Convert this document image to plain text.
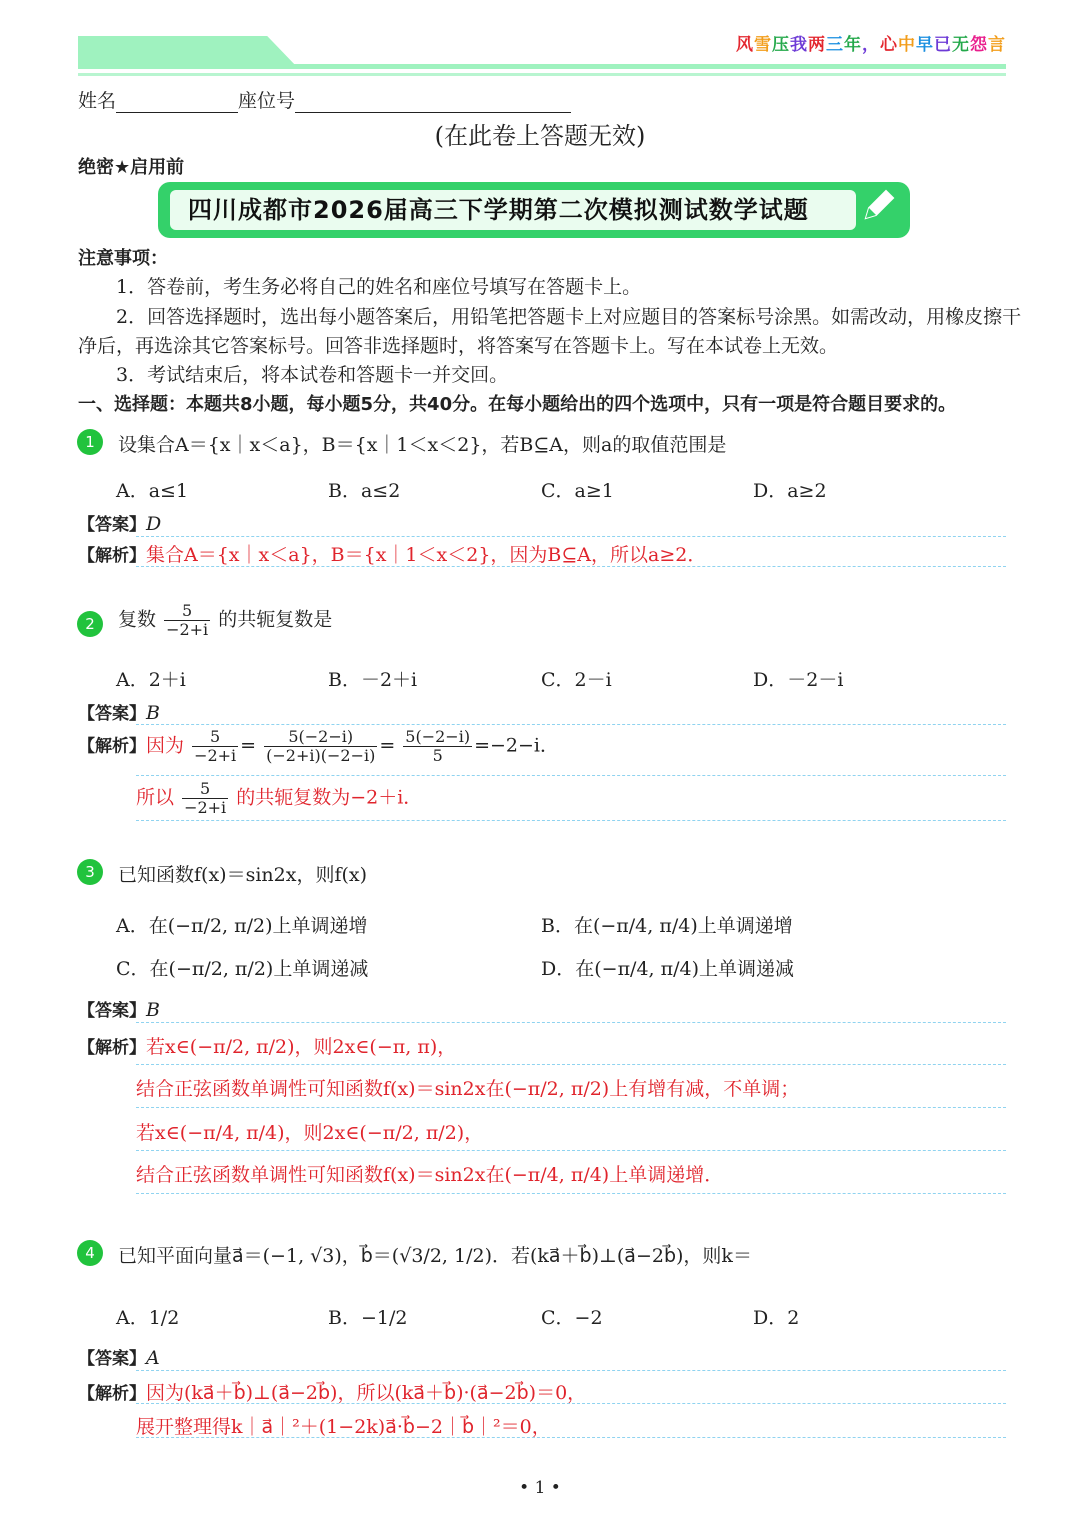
风雪压我两三年，心中早已无怨言
姓名	座位号
(在此卷上答题无效)
绝密★启用前
四川成都市2026届高三下学期第二次模拟测试数学试题
注意事项：
1．答卷前，考生务必将自己的姓名和座位号填写在答题卡上。
2．回答选择题时，选出每小题答案后，用铅笔把答题卡上对应题目的答案标号涂黑。如需改动，用橡皮擦干
净后，再选涂其它答案标号。回答非选择题时，将答案写在答题卡上。写在本试卷上无效。
3．考试结束后，将本试卷和答题卡一并交回。
一、选择题：本题共8小题，每小题5分，共40分。在每小题给出的四个选项中，只有一项是符合题目要求的。
1	设集合A＝{x｜x＜a}，B＝{x｜1＜x＜2}，若B⊆A，则a的取值范围是
A．a≤1	B．a≤2	C．a≥1	D．a≥2
【答案】D
【解析】集合A＝{x｜x＜a}，B＝{x｜1＜x＜2}，因为B⊆A，所以a≥2．
2	复数 $\frac{5}{-2+i}$ 的共轭复数是
A．2＋i	B．－2＋i	C．2－i	D．－2－i
【答案】B
【解析】因为 $\frac{5}{-2+i} = \frac{5(-2-i)}{(-2+i)(-2-i)} = \frac{5(-2-i)}{5} =-2-i$．
所以 $\frac{5}{-2+i}$ 的共轭复数为−2＋i．
3	已知函数f(x)＝sin2x，则f(x)
A．在(−π/2, π/2)上单调递增	B．在(−π/4, π/4)上单调递增
C．在(−π/2, π/2)上单调递减	D．在(−π/4, π/4)上单调递减
【答案】B
【解析】若x∈(−π/2, π/2)，则2x∈(−π, π)，
结合正弦函数单调性可知函数f(x)＝sin2x在(−π/2, π/2)上有增有减，不单调；
若x∈(−π/4, π/4)，则2x∈(−π/2, π/2)，
结合正弦函数单调性可知函数f(x)＝sin2x在(−π/4, π/4)上单调递增．
4	已知平面向量a⃗＝(−1, √3)，b⃗＝(√3/2, 1/2)．若(ka⃗＋b⃗)⊥(a⃗−2b⃗)，则k＝
A．1/2	B．−1/2	C．−2	D．2
【答案】A
【解析】因为(ka⃗＋b⃗)⊥(a⃗−2b⃗)，所以(ka⃗＋b⃗)·(a⃗−2b⃗)＝0，
展开整理得k｜a⃗｜²＋(1−2k)a⃗·b⃗−2｜b⃗｜²＝0，
• 1 •
